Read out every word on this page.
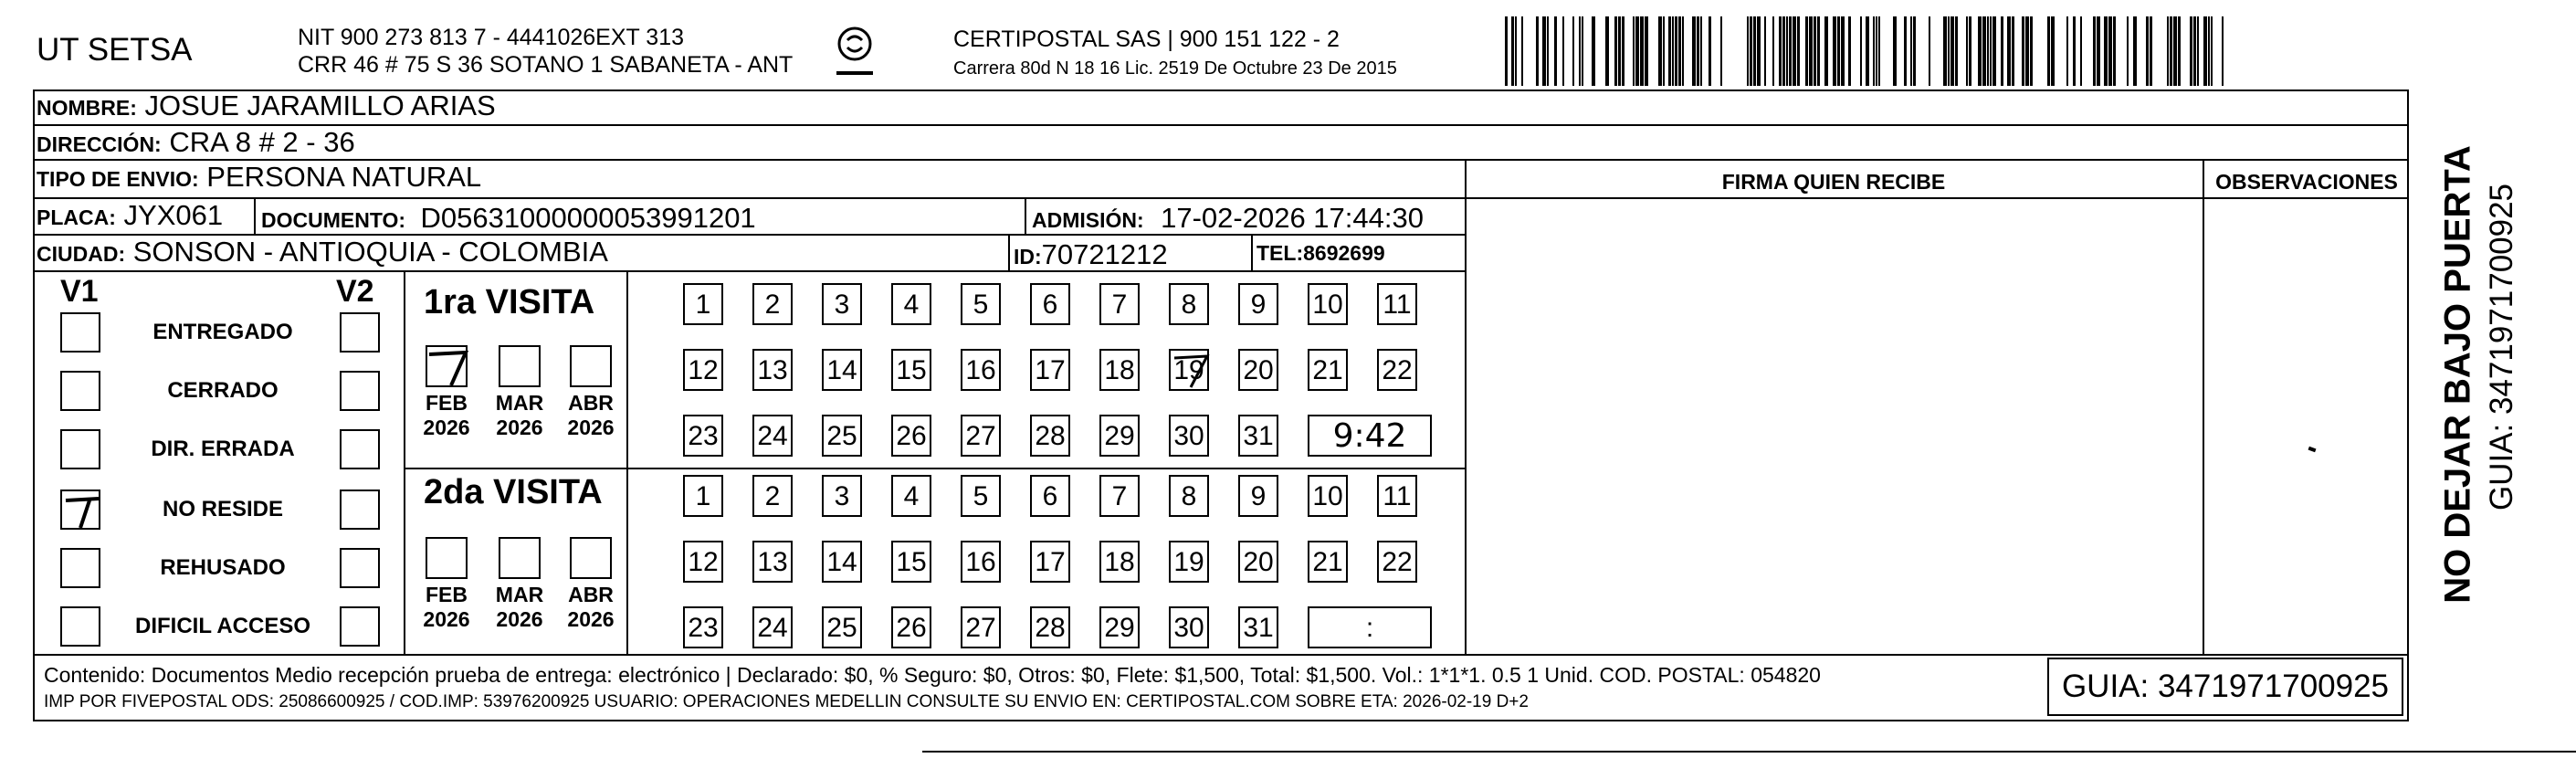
UT SETSA	NIT 900 273 813 7 - 4441026EXT 313
CRR 46 # 75 S 36 SOTANO 1 SABANETA - ANT
CERTIPOSTAL SAS | 900 151 122 - 2
Carrera 80d N 18 16 Lic. 2519 De Octubre 23 De 2015
NOMBRE: JOSUE JARAMILLO ARIAS
DIRECCIÓN: CRA 8 # 2 - 36
TIPO DE ENVIO: PERSONA NATURAL
PLACA: JYX061	DOCUMENTO: D05631000000053991201	ADMISIÓN: 17-02-2026 17:44:30
CIUDAD: SONSON - ANTIOQUIA - COLOMBIA	ID:70721212	TEL:8692699
FIRMA QUIEN RECIBE	OBSERVACIONES
V1	V2
ENTREGADO
CERRADO
DIR. ERRADA
NO RESIDE
REHUSADO
DIFICIL ACCESO
1ra VISITA
2da VISITA
1	2	3	4	5	6	7	8	9	10 11
12 13 14 15 16 17 18 19 20 21 22
23 24 25 26 27 28 29 30 31	9:42
FEB
2026
MAR
2026
ABR
2026
1	2	3	4	5	6	7	8	9	10 11
12 13 14 15 16 17 18 19 20 21 22
23 24 25 26 27 28 29 30 31	:
FEB
2026
MAR
2026
ABR
2026
Contenido: Documentos Medio recepción prueba de entrega: electrónico | Declarado: $0, % Seguro: $0, Otros: $0, Flete: $1,500, Total: $1,500. Vol.: 1*1*1. 0.5 1 Unid. COD. POSTAL: 054820
IMP POR FIVEPOSTAL ODS: 25086600925 / COD.IMP: 53976200925 USUARIO: OPERACIONES MEDELLIN CONSULTE SU ENVIO EN: CERTIPOSTAL.COM SOBRE ETA: 2026-02-19 D+2	GUIA: 3471971700925
NO DEJAR BAJO PUERTA GUIA: 3471971700925
